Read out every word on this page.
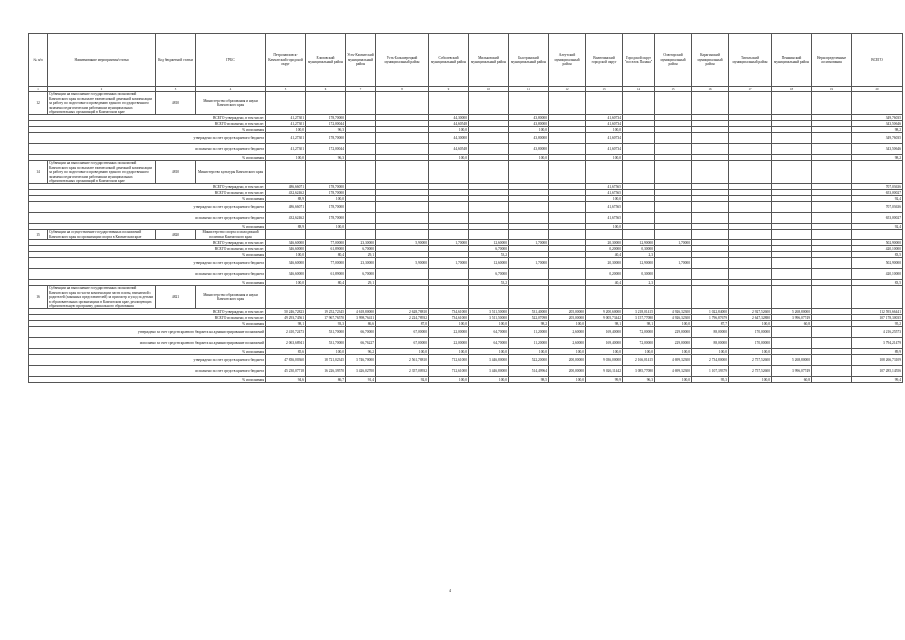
№ п/п	Наименование мероприятия/статьи	Код бюджетной статьи	ГРБС	Петропавловск-Камчатский городской округ	Елизовский муниципальный район	Усть-Камчатский муниципальный район	Усть-Большерецкий муниципальный район	Соболевский муниципальный район	Мильковский муниципальный район	Быстринский муниципальный район	Алеутский муниципальный район	Вилючинский городской округ	Городской округ "поселок Палана"	Олюторский муниципальный район	Карагинский муниципальный район	Тигильский муниципальный район	Пенжинский муниципальный район	Нераспределенные ассигнования	ВСЕГО
1	2	3	4	5	6	7	8	9	10	11	12	13	14	15	16	17	18	19	20
12	Субвенции на выполнение государственных полномочий Камчатского края по выплате ежемесячной денежной компенсации за работу по подготовке и проведению единого государственного экзамена педагогическим работникам муниципальных образовательных организаций в Камчатском крае	4810	Министерство образования и науки Камчатского края																
ВСЕГО утверждено, в том числе:				41,27301	178,70000			44,30000		43,80000		41,60734							349,76035
ВСЕГО исполнено, в том числе:				41,27301	172,00044			44,60548		43,80000		41,60734							343,50646
% исполнения				100,0	96,3			100,0		100,0		100,0							98,2
утверждено за счет средств краевого бюджета				41,27301	178,70000			44,30000		43,80000		41,60734							349,76035
исполнено за счет средств краевого бюджета				41,27301	172,00044			44,60548		43,80000		41,60734							343,50646
% исполнения				100,0	96,3			100,0		100,0		100,0							98,2
14	Субвенции на выполнение государственных полномочий Камчатского края по выплате ежемесячной денежной компенсации за работу по подготовке и проведению единого государственного экзамена педагогическим работникам муниципальных образовательных организаций в Камчатском крае	4810	Министерство культуры Камчатского края																
ВСЕГО утверждено, в том числе:				486,66071	178,70000							41,67565							707,03636
ВСЕГО исполнено, в том числе:				432,62462	178,70000							41,67565							653,00027
% исполнения				88,9	100,0							100,0							92,4
утверждено за счет средств краевого бюджета				486,66071	178,70000							41,67565							707,03636
исполнено за счет средств краевого бюджета				432,62462	178,70000							41,67565							653,00027
% исполнения				88,9	100,0							100,0							92,4
15	Субвенции на осуществление государственных полномочий Камчатского края по организации спорта в Камчатском крае	4820	Министерство спорта и молодежной политики Камчатского края																
ВСЕГО утверждено, в том числе:				346,60000	77,00000	23,30000	5,90000	1,70000	12,60000	1,70000		20,30000	12,90000	1,70000					502,90000
ВСЕГО исполнено, в том числе:				346,60000	61,89000	6,70000			6,70000			0,20000	0,30000						420,10000
% исполнения				100,0	80,4	29,1			53,2			40,4	2,3						83,5
утверждено за счет средств краевого бюджета				346,60000	77,00000	23,30000	5,90000	1,70000	12,60000	1,70000		20,30000	12,90000	1,70000					502,90000
исполнено за счет средств краевого бюджета				346,60000	61,89000	6,70000			6,70000			0,20000	0,30000						420,10000
% исполнения				100,0	80,4	29,1			53,2			40,4	2,3						83,5
16	Субвенции на выполнение государственных полномочий Камчатского края по части компенсации части платы, взимаемой с родителей (законных представителей) за присмотр и уход за детьми в образовательных организациях в Камчатском крае, реализующих образовательную программу дошкольного образования	4821	Министерство образования и науки Камчатского края																
ВСЕГО утверждено, в том числе:				50 246,72823	19 252,72345	4 618,80000	2 628,78810	734,61000	3 511,50000	531,40000	205,00000	9 200,60000	3 218,01415	4 926,32300	1 022,84000	2 927,52600	5 268,80000		112 593,66441
ВСЕГО исполнено, в том числе:				49 293,74561	17 967,76570	3 998,76411	2 224,78932	734,61000	3 511,50000	522,07098	205,00000	9 005,73442	3 157,77080	4 926,32300	1 796,87679	2 647,32880	3 996,07749		107 178,30035
% исполнения				98,1	93,3	86,6	87,0	100,0	100,0	98,2	100,0	98,1	98,1	100,0	87,7	100,0	60,8		95,2
утверждено за счет средств краевого бюджета на администрирование полномочий				2 410,72473	531,70000	66,70000	67,00000	22,00000	64,70000	11,20000	2,60000	169,40000	72,00000	229,00000	88,00000	170,00000			4 216,25573
исполнено за счет средств краевого бюджета на администрирование полномочий				2 063,68941	531,70000	66,76227	67,00000	22,00000	64,70000	11,20000	2,60000	169,40000	72,00000	229,00000	88,00000	170,00000			3 794,21479
% исполнения				85,6	100,0	96,2	100,0	100,0	100,0	100,0	100,0	100,0	100,0	100,0	100,0	100,0			89,9
утверждено за счет средств краевого бюджета				47 836,00360	18 721,02345	3 746,70000	2 561,78810	712,61000	3 446,80000	522,20000	200,00000	9 036,00000	2 166,01415	4 699,32300	2 734,80000	2 757,52600	5 268,80000		108 266,73109
исполнено за счет средств краевого бюджета				45 230,07718	16 226,39570	3 426,02700	2 357,00932	712,61000	3 446,80000	514,49964	200,00000	9 026,11442	3 085,77080	4 699,32300	1 107,39379	2 757,52600	3 996,07749		107 285,14556
% исполнения				94,6	86,7	91,4	92,0	100,0	100,0	98,5	100,0	99,9	96,3	100,0	95,3	100,0	60,8		99,4
4
